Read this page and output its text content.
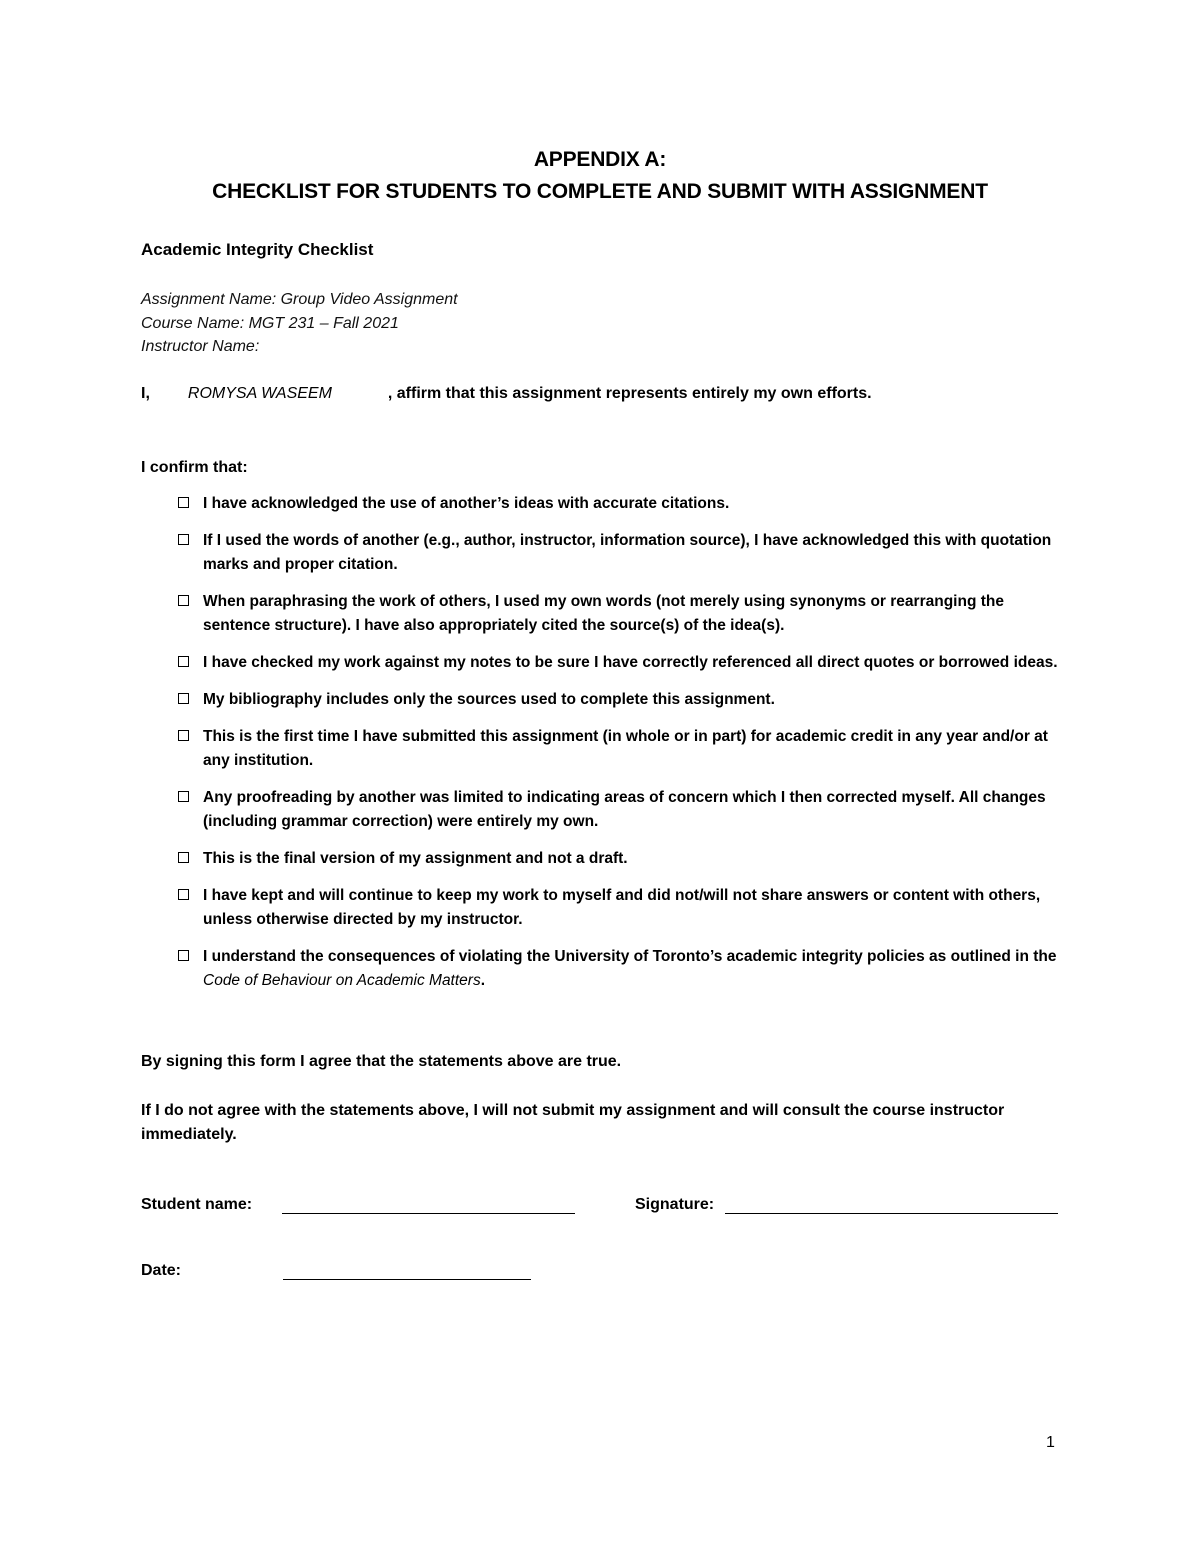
APPENDIX A:
CHECKLIST FOR STUDENTS TO COMPLETE AND SUBMIT WITH ASSIGNMENT
Academic Integrity Checklist
Assignment Name: Group Video Assignment
Course Name: MGT 231 – Fall 2021
Instructor Name:
I, ROMYSA WASEEM	, affirm that this assignment represents entirely my own efforts.
I confirm that:
I have acknowledged the use of another’s ideas with accurate citations.
If I used the words of another (e.g., author, instructor, information source), I have acknowledged this with quotation marks and proper citation.
When paraphrasing the work of others, I used my own words (not merely using synonyms or rearranging the sentence structure). I have also appropriately cited the source(s) of the idea(s).
I have checked my work against my notes to be sure I have correctly referenced all direct quotes or borrowed ideas.
My bibliography includes only the sources used to complete this assignment.
This is the first time I have submitted this assignment (in whole or in part) for academic credit in any year and/or at any institution.
Any proofreading by another was limited to indicating areas of concern which I then corrected myself. All changes (including grammar correction) were entirely my own.
This is the final version of my assignment and not a draft.
I have kept and will continue to keep my work to myself and did not/will not share answers or content with others, unless otherwise directed by my instructor.
I understand the consequences of violating the University of Toronto’s academic integrity policies as outlined in the Code of Behaviour on Academic Matters.
By signing this form I agree that the statements above are true.
If I do not agree with the statements above, I will not submit my assignment and will consult the course instructor immediately.
Student name:	Signature:
Date:
1
